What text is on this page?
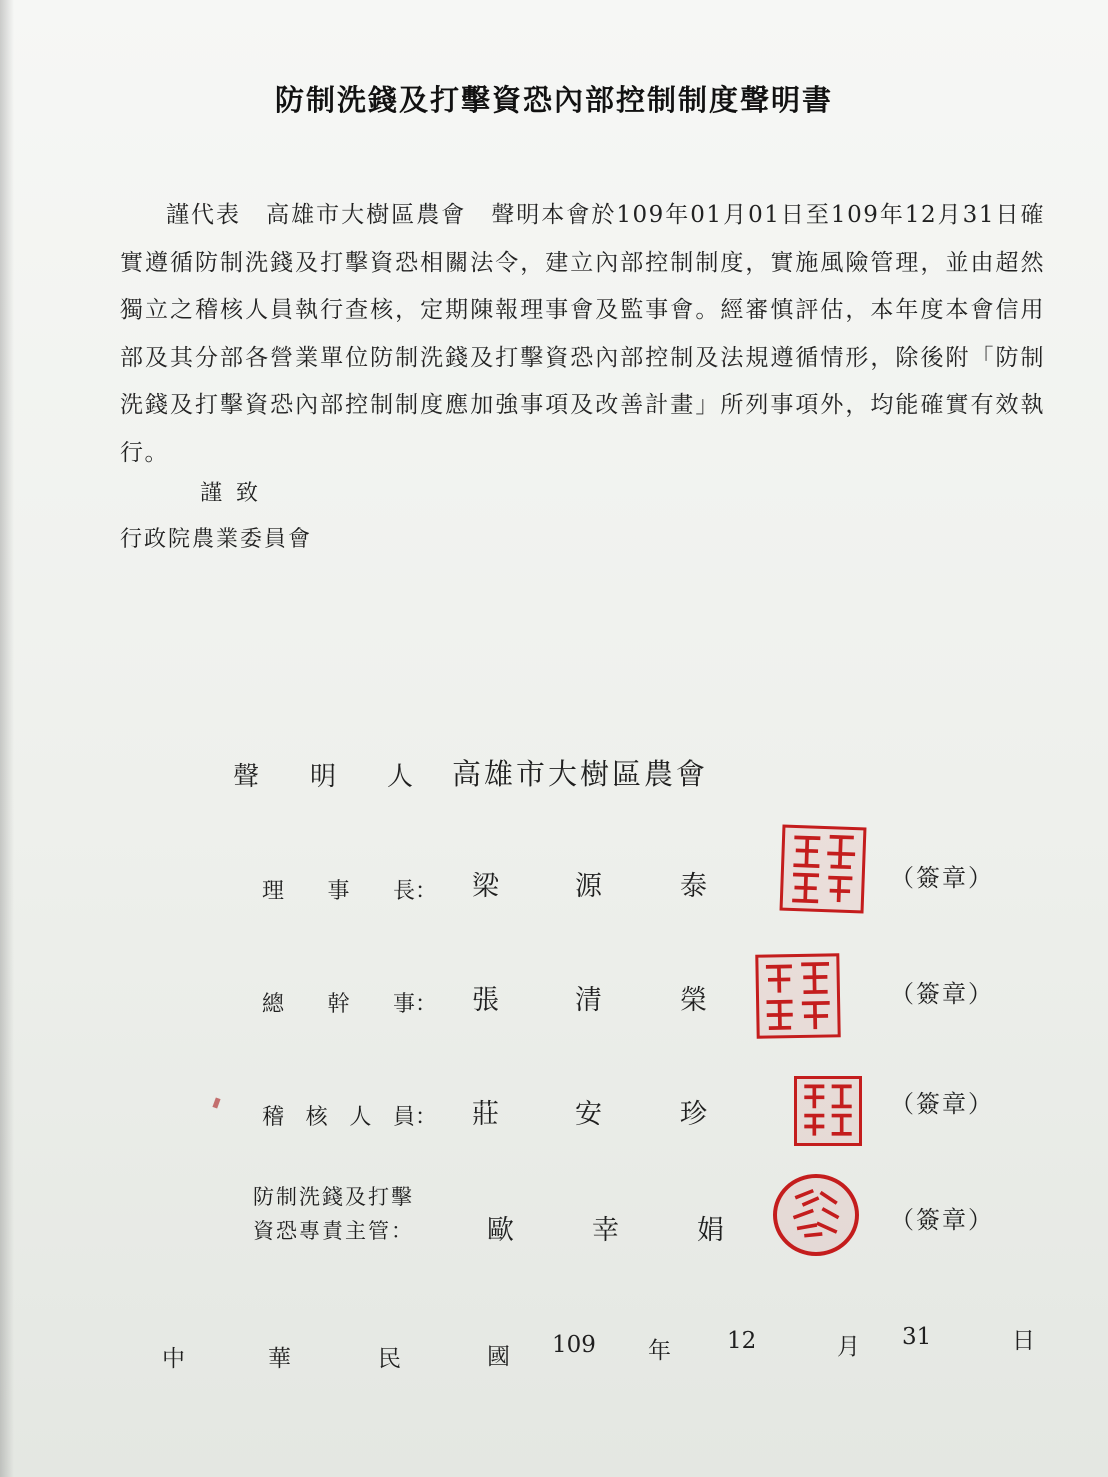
防制洗錢及打擊資恐內部控制制度聲明書

謹代表　高雄市大樹區農會　聲明本會於109年01月01日至109年12月31日確實遵循防制洗錢及打擊資恐相關法令，建立內部控制制度，實施風險管理，並由超然獨立之稽核人員執行查核，定期陳報理事會及監事會。經審慎評估，本年度本會信用部及其分部各營業單位防制洗錢及打擊資恐內部控制及法規遵循情形，除後附「防制洗錢及打擊資恐內部控制制度應加強事項及改善計畫」所列事項外，均能確實有效執行。

謹致
行政院農業委員會
聲 明 人 高雄市大樹區農會
理 事 長： 梁	源	泰	（簽章）
總 幹 事： 張	清	榮	（簽章）
稽 核 人 員： 莊	安	珍	（簽章）
防制洗錢及打擊
資恐專責主管：	歐	幸	娟	（簽章）
中	華	民	國 109 年 12	月 31	日
